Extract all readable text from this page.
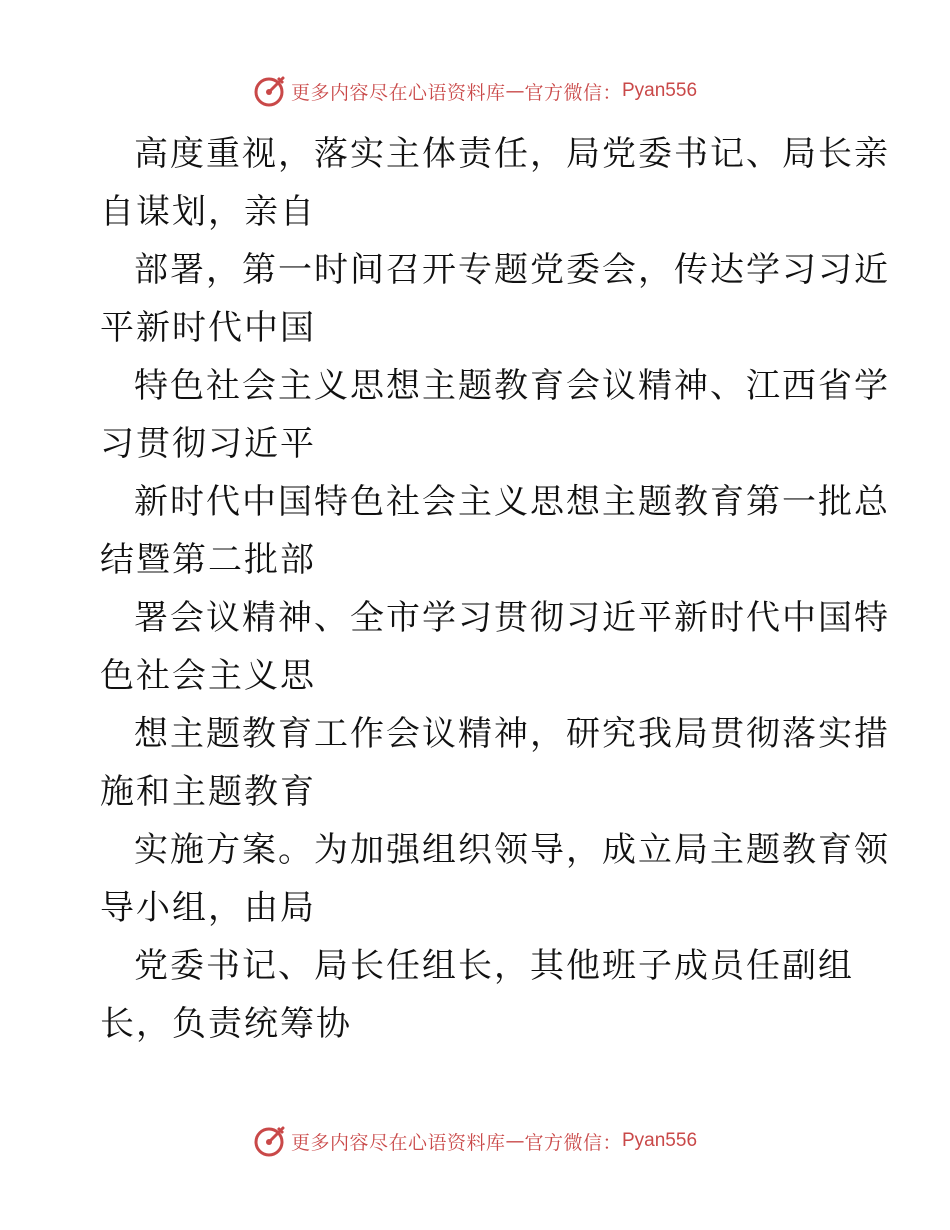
更多内容尽在心语资料库 — 官方微信： Pyan556
高度重视，落实主体责任，局党委书记、局长亲
自谋划，亲自
部署，第一时间召开专题党委会，传达学习习近
平新时代中国
特色社会主义思想主题教育会议精神、江西省学
习贯彻习近平
新时代中国特色社会主义思想主题教育第一批总
结暨第二批部
署会议精神、全市学习贯彻习近平新时代中国特
色社会主义思
想主题教育工作会议精神，研究我局贯彻落实措
施和主题教育
实施方案。为加强组织领导，成立局主题教育领
导小组，由局
党委书记、局长任组长，其他班子成员任副组
长，负责统筹协
更多内容尽在心语资料库 — 官方微信： Pyan556
